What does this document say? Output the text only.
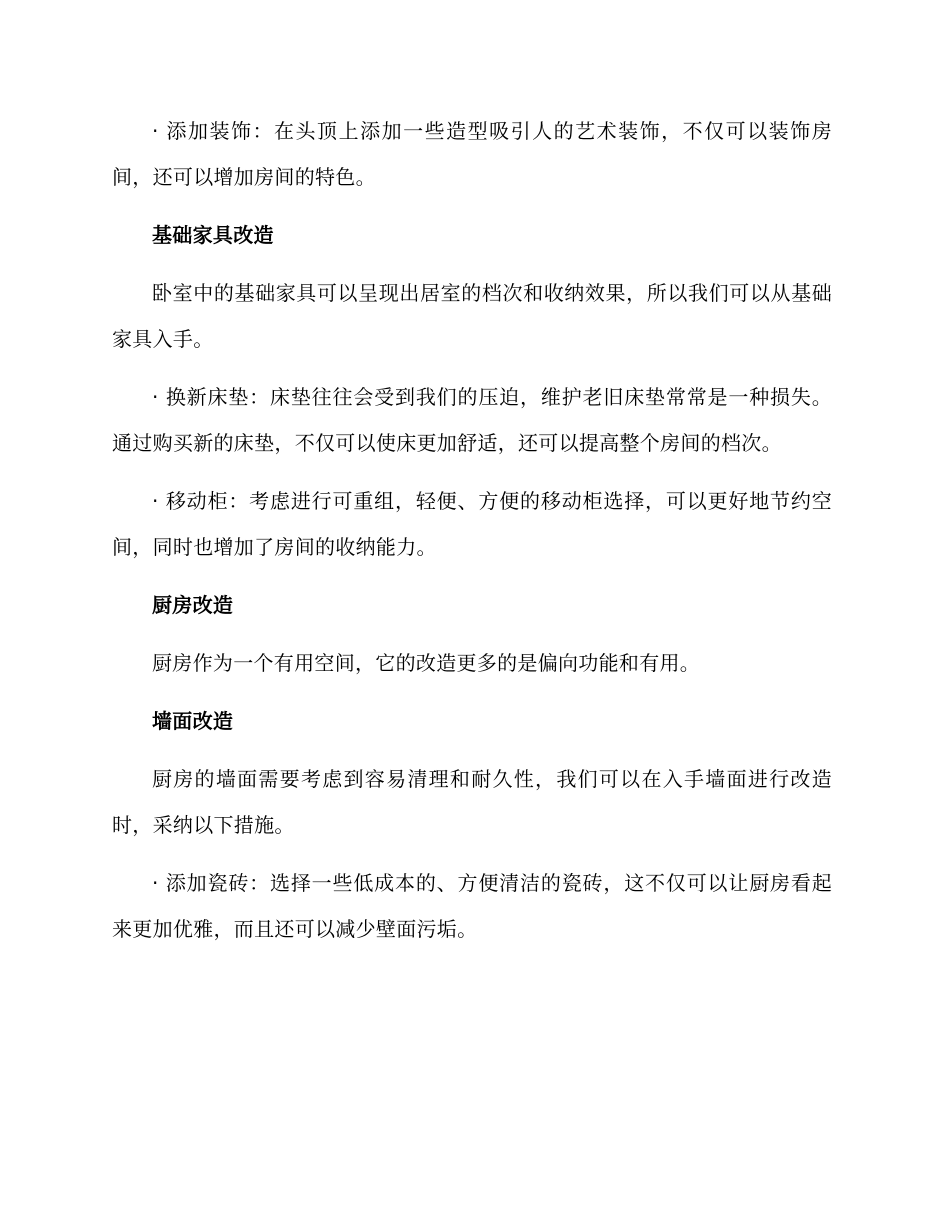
· 添加装饰：在头顶上添加一些造型吸引人的艺术装饰，不仅可以装饰房间，还可以增加房间的特色。

基础家具改造

卧室中的基础家具可以呈现出居室的档次和收纳效果，所以我们可以从基础家具入手。

· 换新床垫：床垫往往会受到我们的压迫，维护老旧床垫常常是一种损失。通过购买新的床垫，不仅可以使床更加舒适，还可以提高整个房间的档次。

· 移动柜：考虑进行可重组，轻便、方便的移动柜选择，可以更好地节约空间，同时也增加了房间的收纳能力。

厨房改造

厨房作为一个有用空间，它的改造更多的是偏向功能和有用。

墙面改造

厨房的墙面需要考虑到容易清理和耐久性，我们可以在入手墙面进行改造时，采纳以下措施。

· 添加瓷砖：选择一些低成本的、方便清洁的瓷砖，这不仅可以让厨房看起来更加优雅，而且还可以减少壁面污垢。
